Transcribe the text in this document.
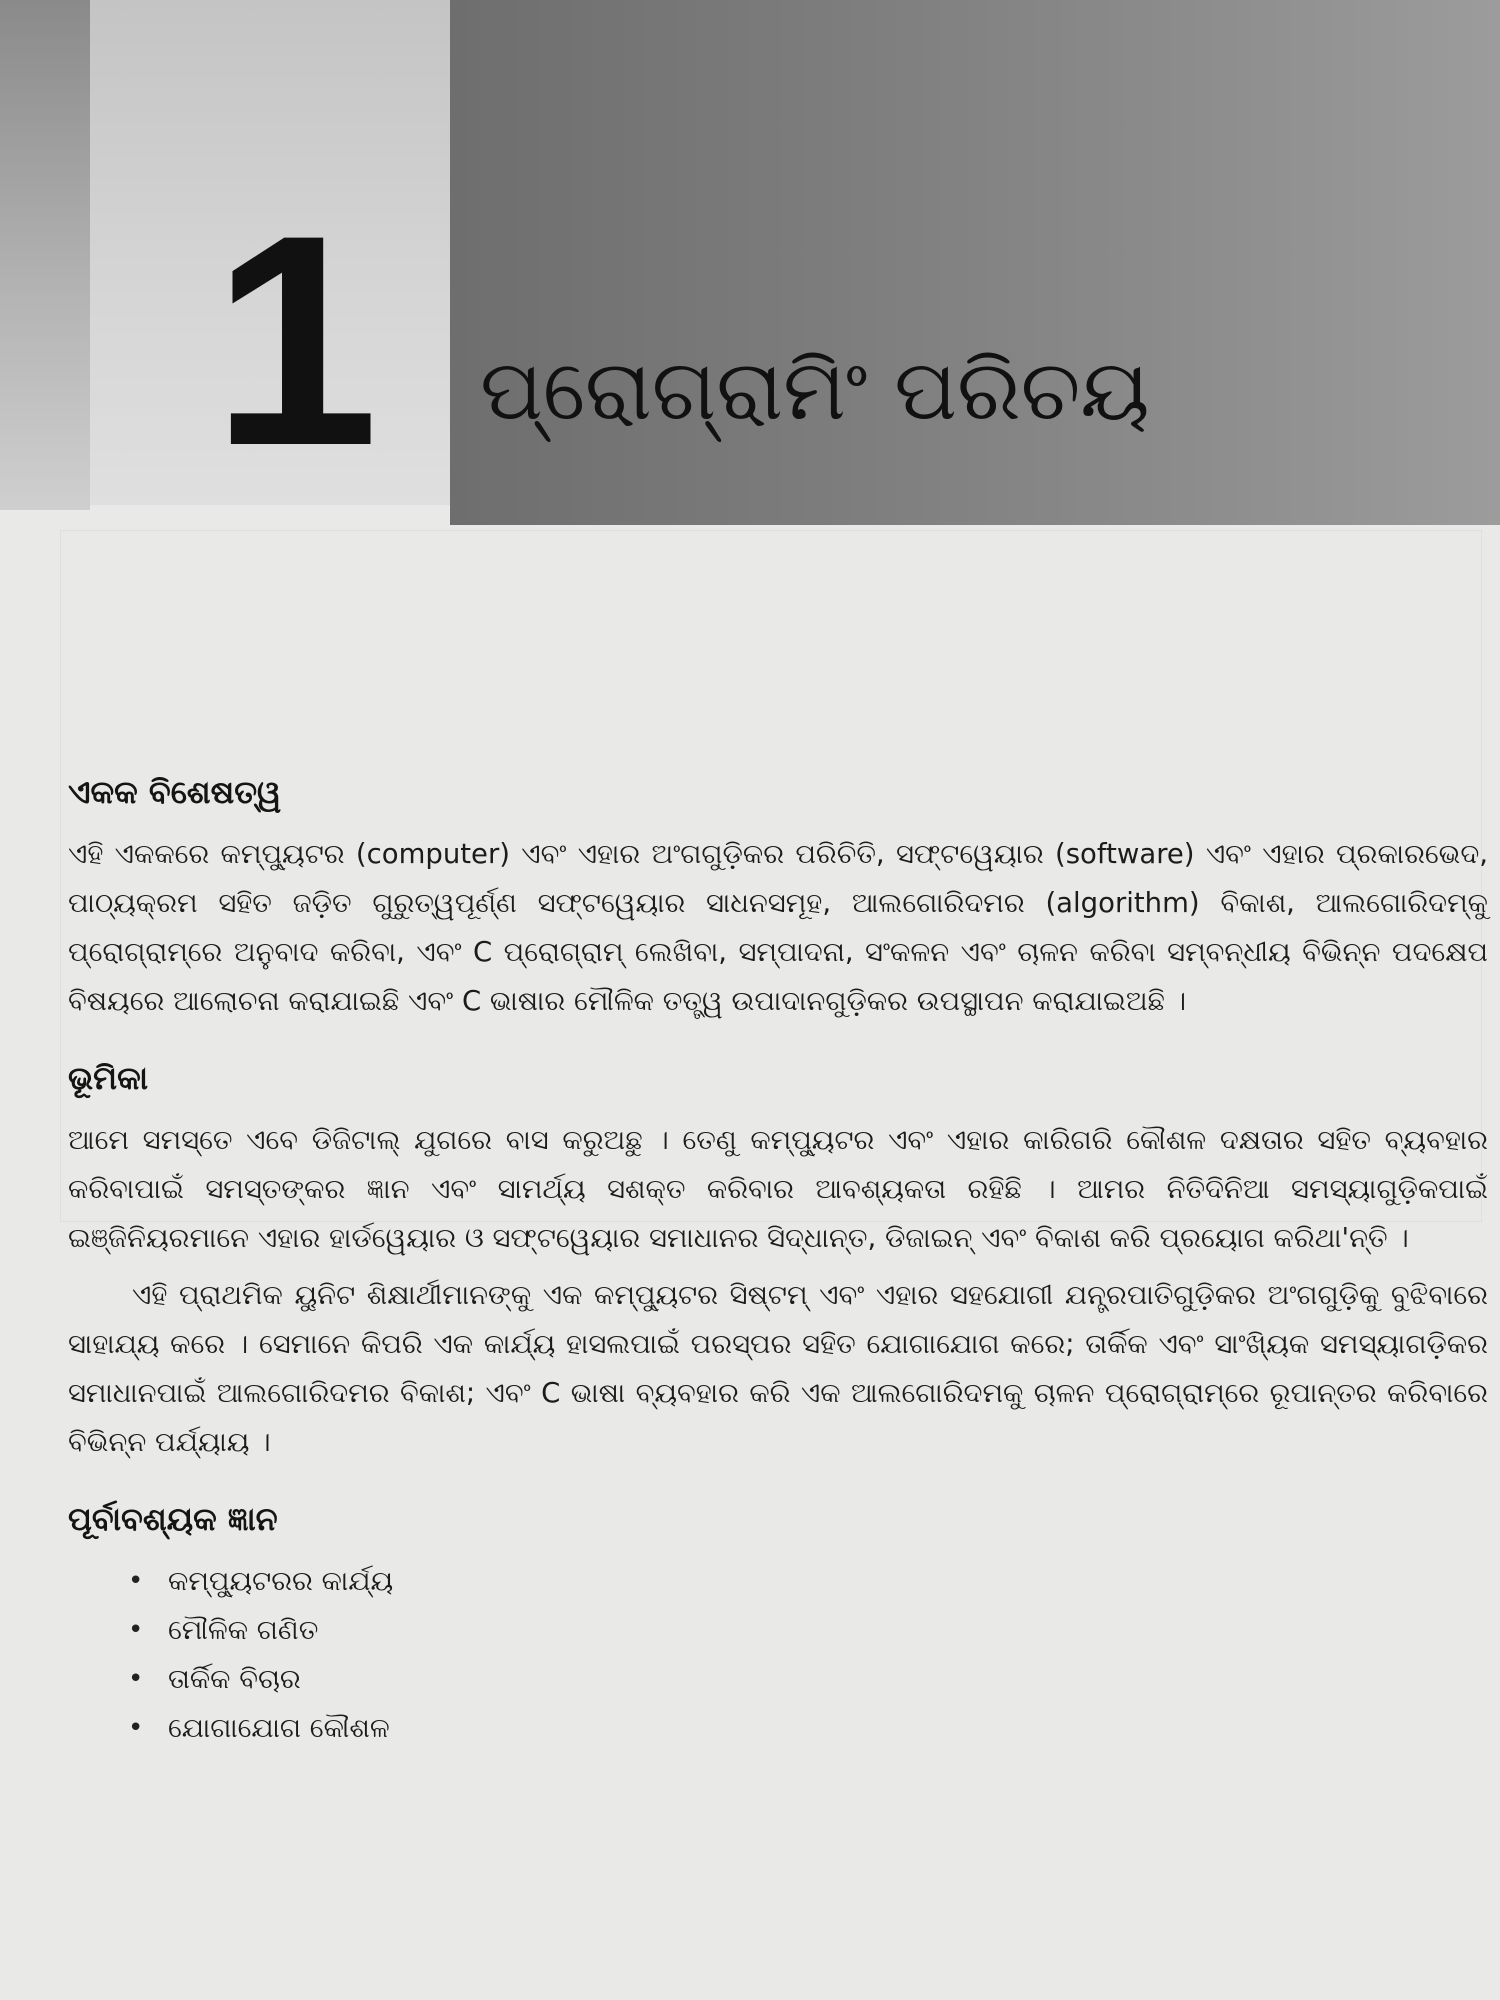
1 ପ୍ରୋଗ୍ରାମିଂ ପରିଚୟ
ଏକକ ବିଶେଷତ୍ୱ

ଏହି ଏକକରେ କମ୍ପ୍ୟୁଟର (computer) ଏବଂ ଏହାର ଅଂଗଗୁଡ଼ିକର ପରିଚିତି, ସଫ୍ଟୱେୟାର (software) ଏବଂ ଏହାର ପ୍ରକାରଭେଦ, ପାଠ୍ୟକ୍ରମ ସହିତ ଜଡ଼ିତ ଗୁରୁତ୍ୱପୂର୍ଣ୍ଣ ସଫ୍ଟୱେୟାର ସାଧନସମୂହ, ଆଲଗୋରିଦମର (algorithm) ବିକାଶ, ଆଲଗୋରିଦମ୍‌କୁ ପ୍ରୋଗ୍ରାମ୍‌ରେ ଅନୁବାଦ କରିବା, ଏବଂ C ପ୍ରୋଗ୍ରାମ୍ ଲେଖିବା, ସମ୍ପାଦନା, ସଂକଳନ ଏବଂ ଚାଳନ କରିବା ସମ୍ବନ୍ଧୀୟ ବିଭିନ୍ନ ପଦକ୍ଷେପ ବିଷୟରେ ଆଲୋଚନା କରାଯାଇଛି ଏବଂ C ଭାଷାର ମୌଳିକ ତତ୍ତ୍ୱ ଉପାଦାନଗୁଡ଼ିକର ଉପସ୍ଥାପନ କରାଯାଇଅଛି ।

ଭୂମିକା

ଆମେ ସମସ୍ତେ ଏବେ ଡିଜିଟାଲ୍ ଯୁଗରେ ବାସ କରୁଅଛୁ । ତେଣୁ କମ୍ପ୍ୟୁଟର ଏବଂ ଏହାର କାରିଗରି କୌଶଳ ଦକ୍ଷତାର ସହିତ ବ୍ୟବହାର କରିବାପାଇଁ ସମସ୍ତଙ୍କର ଜ୍ଞାନ ଏବଂ ସାମର୍ଥ୍ୟ ସଶକ୍ତ କରିବାର ଆବଶ୍ୟକତା ରହିଛି । ଆମର ନିତିଦିନିଆ ସମସ୍ୟାଗୁଡ଼ିକପାଇଁ ଇଞ୍ଜିନିୟରମାନେ ଏହାର ହାର୍ଡୱେୟାର ଓ ସଫ୍ଟୱେୟାର ସମାଧାନର ସିଦ୍ଧାନ୍ତ, ଡିଜାଇନ୍ ଏବଂ ବିକାଶ କରି ପ୍ରୟୋଗ କରିଥା'ନ୍ତି ।

ଏହି ପ୍ରାଥମିକ ୟୁନିଟ ଶିକ୍ଷାର୍ଥୀମାନଙ୍କୁ ଏକ କମ୍ପ୍ୟୁଟର ସିଷ୍ଟମ୍ ଏବଂ ଏହାର ସହଯୋଗୀ ଯନ୍ତ୍ରପାତିଗୁଡ଼ିକର ଅଂଗଗୁଡ଼ିକୁ ବୁଝିବାରେ ସାହାଯ୍ୟ କରେ । ସେମାନେ କିପରି ଏକ କାର୍ଯ୍ୟ ହାସଲପାଇଁ ପରସ୍ପର ସହିତ ଯୋଗାଯୋଗ କରେ; ତାର୍କିକ ଏବଂ ସାଂଖ୍ୟିକ ସମସ୍ୟାଗଡ଼ିକର ସମାଧାନପାଇଁ ଆଲଗୋରିଦମର ବିକାଶ; ଏବଂ C ଭାଷା ବ୍ୟବହାର କରି ଏକ ଆଲଗୋରିଦମକୁ ଚାଳନ ପ୍ରୋଗ୍ରାମ୍‌ରେ ରୂପାନ୍ତର କରିବାରେ ବିଭିନ୍ନ ପର୍ଯ୍ୟାୟ ।

ପୂର୍ବାବଶ୍ୟକ ଜ୍ଞାନ
• କମ୍ପ୍ୟୁଟରର କାର୍ଯ୍ୟ
• ମୌଳିକ ଗଣିତ
• ତାର୍କିକ ବିଚାର
• ଯୋଗାଯୋଗ କୌଶଳ
